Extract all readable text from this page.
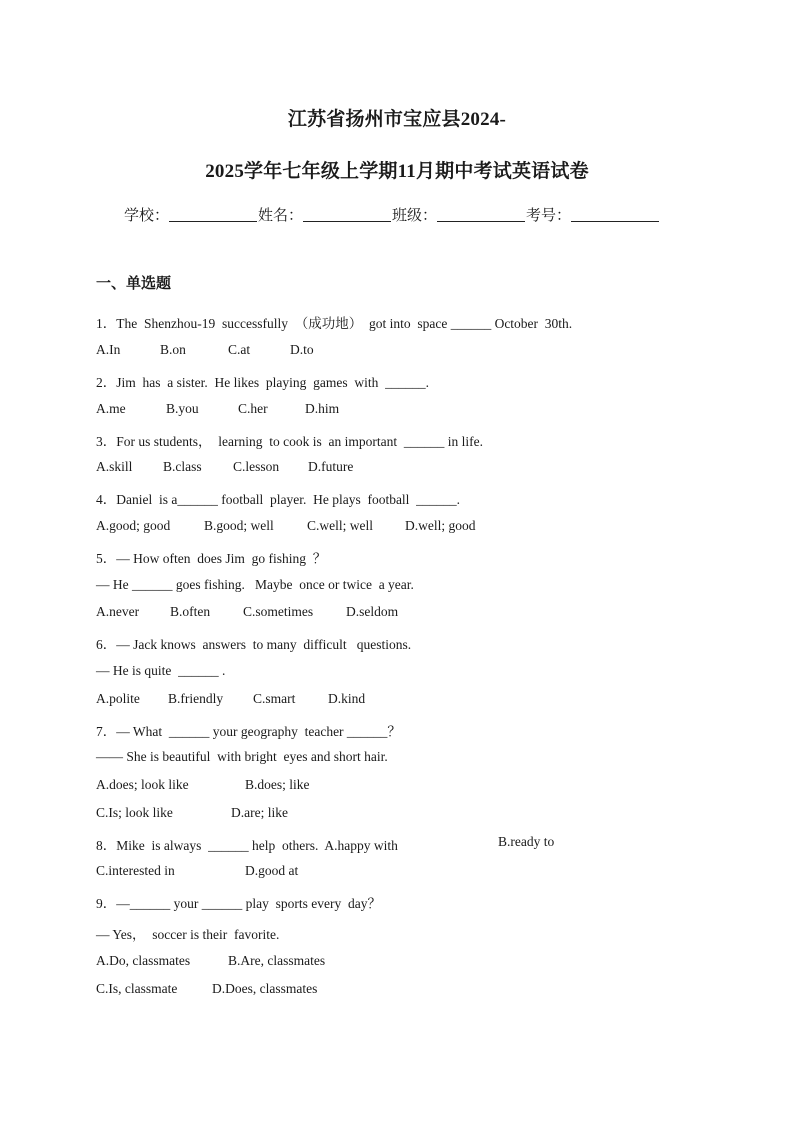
江苏省扬州市宝应县2024-
2025学年七年级上学期11月期中考试英语试卷
学校：	姓名：	班级：	考号：
一、单选题
1．The  Shenzhou-19  successfully  （成功地）  got into  space ______ October  30th.
A.In	B.on	C.at	D.to
2．Jim  has  a sister.  He likes  playing  games  with  ______.
A.me	B.you	C.her	D.him
3．For us students，  learning  to cook is  an important  ______ in life.
A.skill B.class C.lesson D.future
4．Daniel  is a______ football  player.  He plays  football  ______.
A.good; good	B.good; well C.well; well D.well; good
5．— How often  does Jim  go fishing  ？
— He ______ goes fishing.   Maybe  once or twice  a year.
A.never B.often C.sometimes D.seldom
6．— Jack knows  answers  to many  difficult   questions.
— He is quite  ______ .
A.polite B.friendly C.smart D.kind
7．— What  ______ your geography  teacher ______？
—— She is beautiful  with bright  eyes and short hair.
A.does; look like	B.does; like
C.Is; look like	D.are; like
8．Mike  is always  ______ help  others.  A.happy with	B.ready to
C.interested in	D.good at
9．—______ your ______ play  sports every  day？
— Yes，  soccer is their  favorite.
A.Do, classmates	B.Are, classmates
C.Is, classmate	D.Does, classmates
